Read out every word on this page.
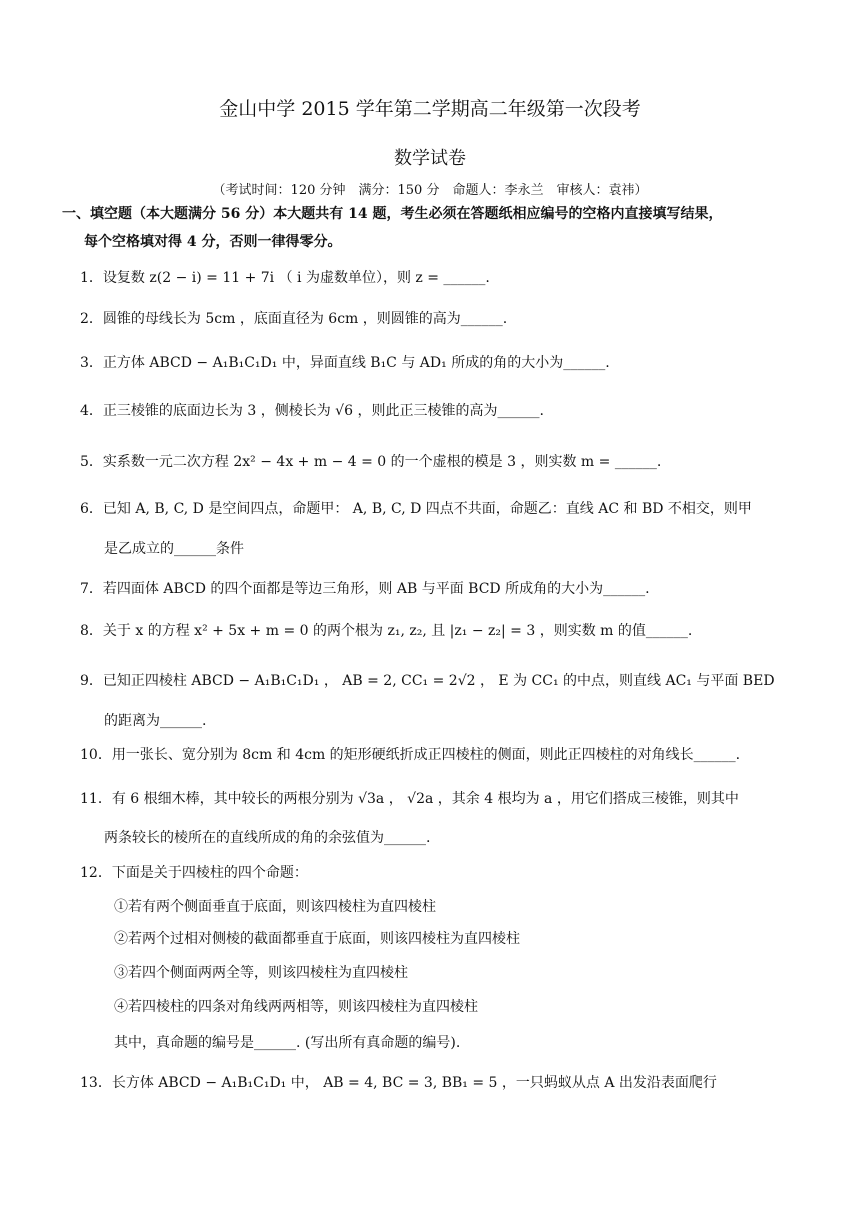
金山中学 2015 学年第二学期高二年级第一次段考
数学试卷
（考试时间：120 分钟　满分：150 分　命题人：李永兰　审核人：袁祎）
一、填空题（本大题满分 56 分）本大题共有 14 题，考生必须在答题纸相应编号的空格内直接填写结果，
每个空格填对得 4 分，否则一律得零分。
1．设复数 z(2 − i) = 11 + 7i （ i 为虚数单位），则 z = ______.
2．圆锥的母线长为 5cm ，底面直径为 6cm ，则圆锥的高为______.
3．正方体 ABCD − A₁B₁C₁D₁ 中，异面直线 B₁C 与 AD₁ 所成的角的大小为______.
4．正三棱锥的底面边长为 3 ，侧棱长为 √6 ，则此正三棱锥的高为______.
5．实系数一元二次方程 2x² − 4x + m − 4 = 0 的一个虚根的模是 3 ，则实数 m = ______.
6．已知 A, B, C, D 是空间四点，命题甲： A, B, C, D 四点不共面，命题乙：直线 AC 和 BD 不相交，则甲
是乙成立的______条件
7．若四面体 ABCD 的四个面都是等边三角形，则 AB 与平面 BCD 所成角的大小为______.
8．关于 x 的方程 x² + 5x + m = 0 的两个根为 z₁, z₂, 且 |z₁ − z₂| = 3 ，则实数 m 的值______.
9．已知正四棱柱 ABCD − A₁B₁C₁D₁ ， AB = 2, CC₁ = 2√2 ， E 为 CC₁ 的中点，则直线 AC₁ 与平面 BED
的距离为______.
10．用一张长、宽分别为 8cm 和 4cm 的矩形硬纸折成正四棱柱的侧面，则此正四棱柱的对角线长______.
11．有 6 根细木棒，其中较长的两根分别为 √3a ， √2a ，其余 4 根均为 a ，用它们搭成三棱锥，则其中
两条较长的棱所在的直线所成的角的余弦值为______.
12．下面是关于四棱柱的四个命题：
①若有两个侧面垂直于底面，则该四棱柱为直四棱柱
②若两个过相对侧棱的截面都垂直于底面，则该四棱柱为直四棱柱
③若四个侧面两两全等，则该四棱柱为直四棱柱
④若四棱柱的四条对角线两两相等，则该四棱柱为直四棱柱
其中，真命题的编号是______. (写出所有真命题的编号).
13．长方体 ABCD − A₁B₁C₁D₁ 中， AB = 4, BC = 3, BB₁ = 5 ，一只蚂蚁从点 A 出发沿表面爬行
